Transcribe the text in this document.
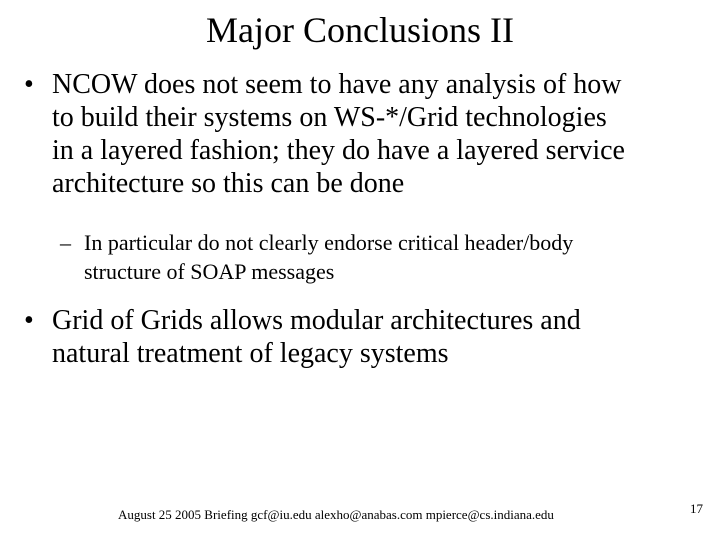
Major Conclusions II
• NCOW does not seem to have any analysis of how
to build their systems on WS-*/Grid technologies
in a layered fashion; they do have a layered service
architecture so this can be done
– In particular do not clearly endorse critical header/body
structure of SOAP messages
• Grid of Grids allows modular architectures and
natural treatment of legacy systems
August 25 2005 Briefing gcf@iu.edu alexho@anabas.com mpierce@cs.indiana.edu	17
